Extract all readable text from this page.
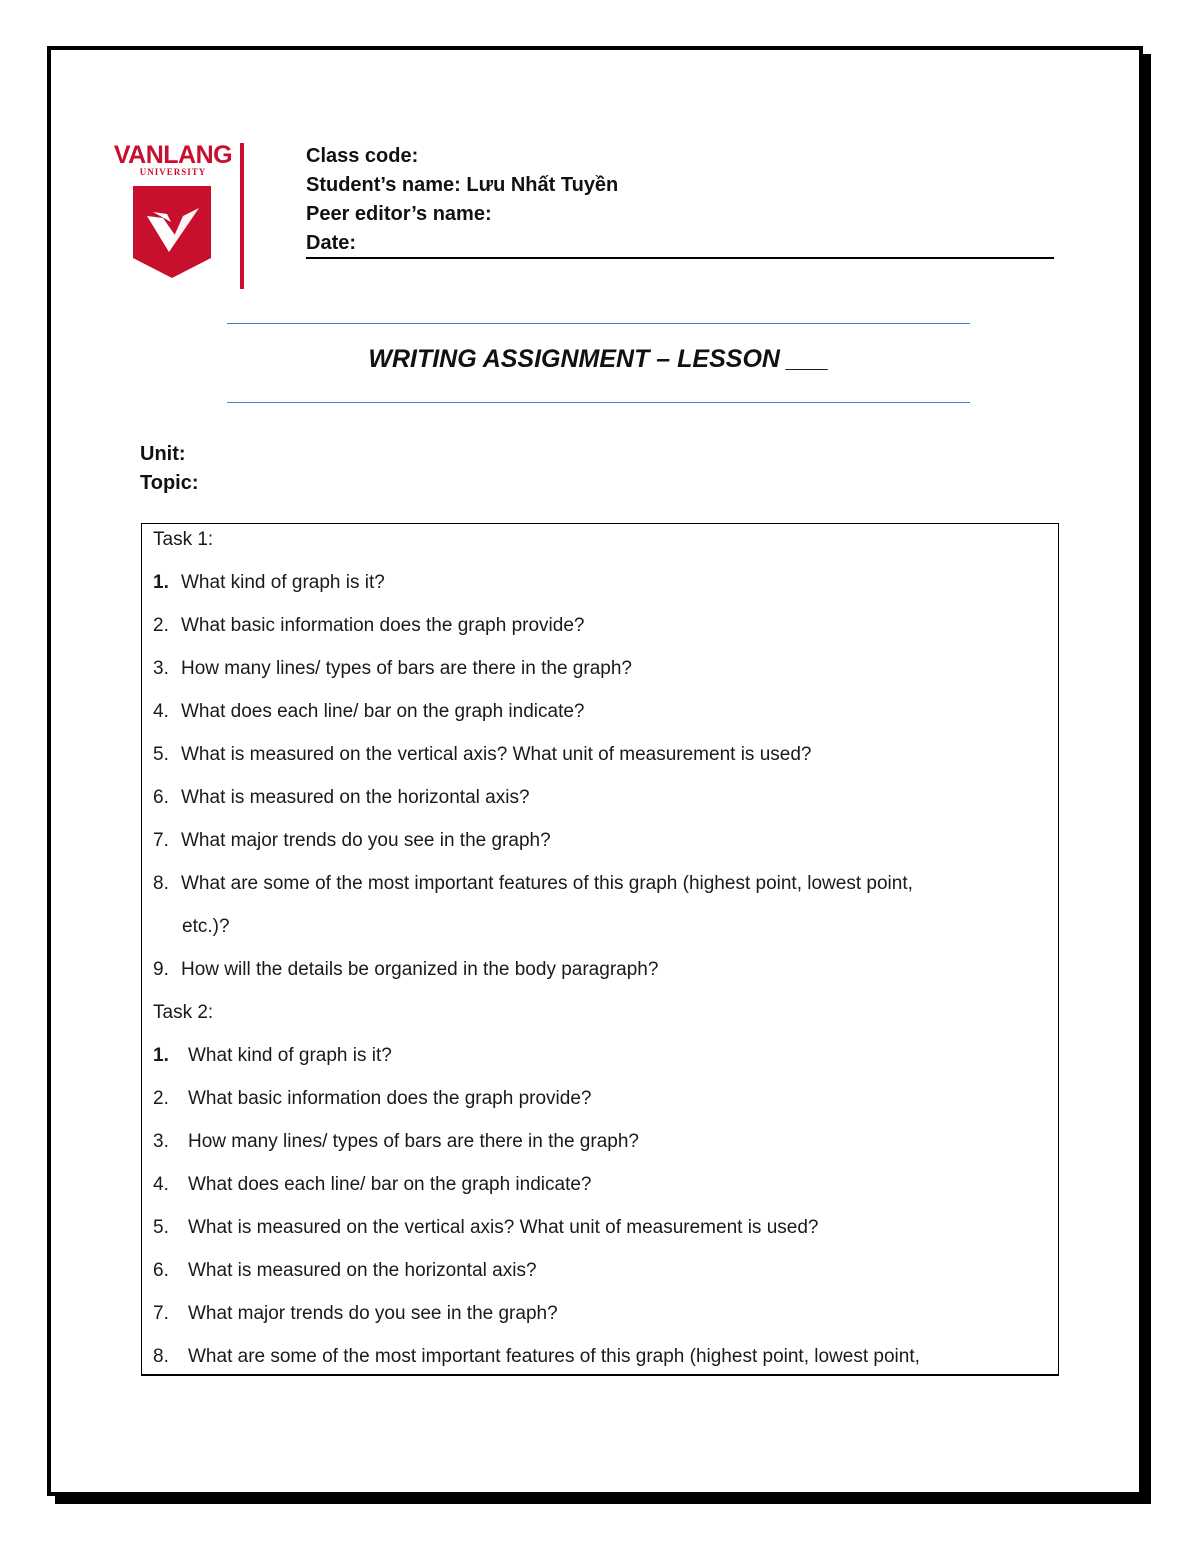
VANLANG
UNIVERSITY
Class code:
Student’s name: Lưu Nhất Tuyền
Peer editor’s name:
Date:
WRITING ASSIGNMENT – LESSON ___
Unit:
Topic:
Task 1:
1. What kind of graph is it?
2. What basic information does the graph provide?
3. How many lines/ types of bars are there in the graph?
4. What does each line/ bar on the graph indicate?
5. What is measured on the vertical axis? What unit of measurement is used?
6. What is measured on the horizontal axis?
7. What major trends do you see in the graph?
8. What are some of the most important features of this graph (highest point, lowest point,
etc.)?
9. How will the details be organized in the body paragraph?
Task 2:
1. What kind of graph is it?
2. What basic information does the graph provide?
3. How many lines/ types of bars are there in the graph?
4. What does each line/ bar on the graph indicate?
5. What is measured on the vertical axis? What unit of measurement is used?
6. What is measured on the horizontal axis?
7. What major trends do you see in the graph?
8. What are some of the most important features of this graph (highest point, lowest point,
